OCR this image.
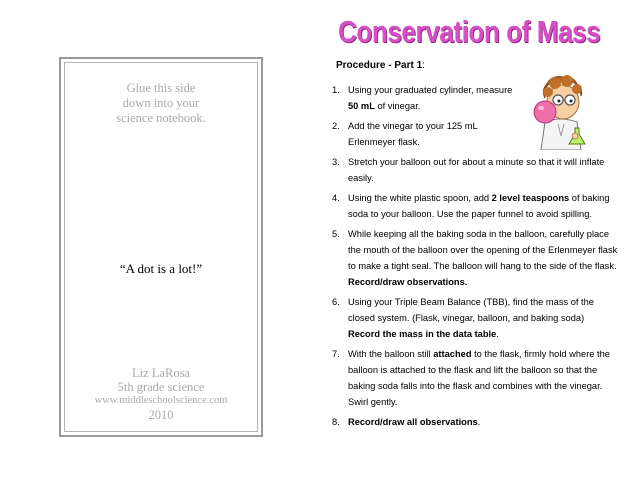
Glue this side
down into your
science notebook.
“A dot is a lot!”
Liz LaRosa
5th grade science
www.middleschoolscience.com
2010
Conservation of Mass
Procedure - Part 1:
1. Using your graduated cylinder, measure 50 mL of vinegar.
2. Add the vinegar to your 125 mL Erlenmeyer flask.
3. Stretch your balloon out for about a minute so that it will inflate easily.
4. Using the white plastic spoon, add 2 level teaspoons of baking soda to your balloon. Use the paper funnel to avoid spilling.
5. While keeping all the baking soda in the balloon, carefully place the mouth of the balloon over the opening of the Erlenmeyer flask to make a tight seal. The balloon will hang to the side of the flask. Record/draw observations.
6. Using your Triple Beam Balance (TBB), find the mass of the closed system. (Flask, vinegar, balloon, and baking soda) Record the mass in the data table.
7. With the balloon still attached to the flask, firmly hold where the balloon is attached to the flask and lift the balloon so that the baking soda falls into the flask and combines with the vinegar. Swirl gently.
8. Record/draw all observations.
